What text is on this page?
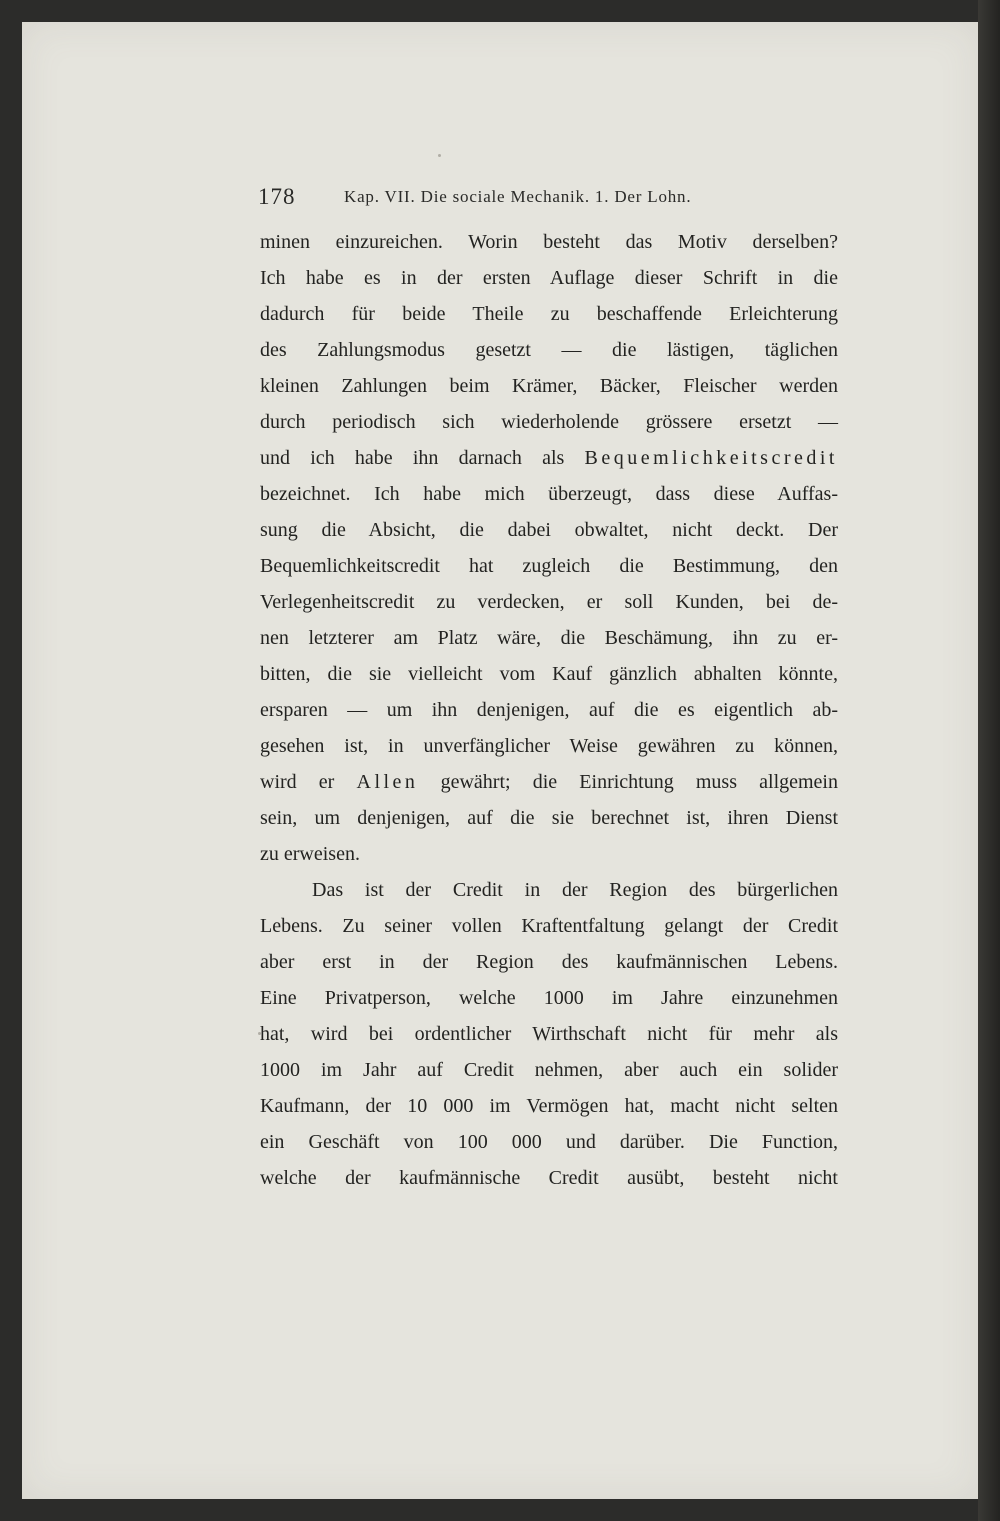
178	Kap. VII. Die sociale Mechanik. 1. Der Lohn.
minen einzureichen. Worin besteht das Motiv derselben?
Ich habe es in der ersten Auflage dieser Schrift in die
dadurch für beide Theile zu beschaffende Erleichterung
des Zahlungsmodus gesetzt — die lästigen, täglichen
kleinen Zahlungen beim Krämer, Bäcker, Fleischer werden
durch periodisch sich wiederholende grössere ersetzt —
und ich habe ihn darnach als Bequemlichkeitscredit
bezeichnet. Ich habe mich überzeugt, dass diese Auffas-
sung die Absicht, die dabei obwaltet, nicht deckt. Der
Bequemlichkeitscredit hat zugleich die Bestimmung, den
Verlegenheitscredit zu verdecken, er soll Kunden, bei de-
nen letzterer am Platz wäre, die Beschämung, ihn zu er-
bitten, die sie vielleicht vom Kauf gänzlich abhalten könnte,
ersparen — um ihn denjenigen, auf die es eigentlich ab-
gesehen ist, in unverfänglicher Weise gewähren zu können,
wird er Allen gewährt; die Einrichtung muss allgemein
sein, um denjenigen, auf die sie berechnet ist, ihren Dienst
zu erweisen.
Das ist der Credit in der Region des bürgerlichen
Lebens. Zu seiner vollen Kraftentfaltung gelangt der Credit
aber erst in der Region des kaufmännischen Lebens.
Eine Privatperson, welche 1000 im Jahre einzunehmen
hat, wird bei ordentlicher Wirthschaft nicht für mehr als
1000 im Jahr auf Credit nehmen, aber auch ein solider
Kaufmann, der 10 000 im Vermögen hat, macht nicht selten
ein Geschäft von 100 000 und darüber. Die Function,
welche der kaufmännische Credit ausübt, besteht nicht
